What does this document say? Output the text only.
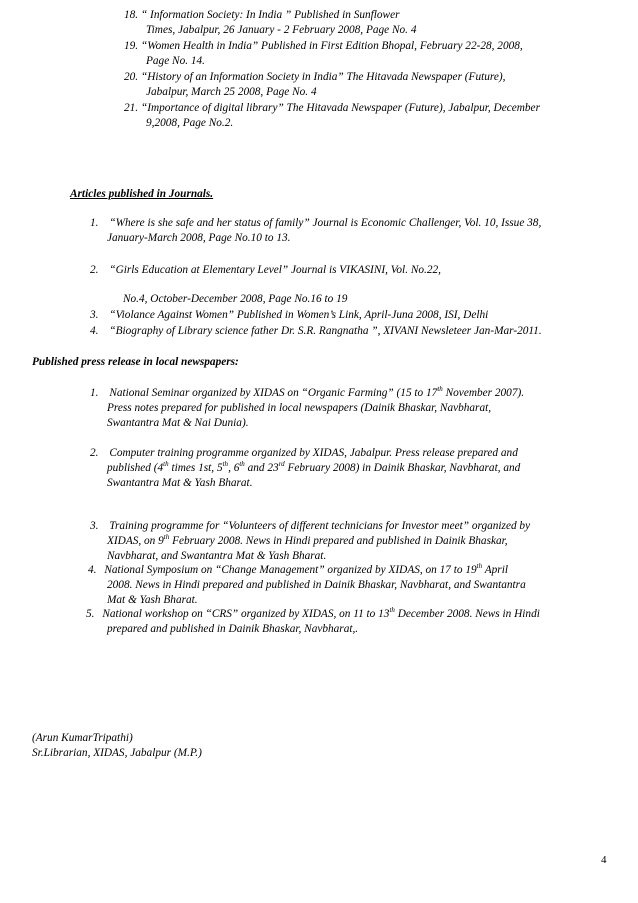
18. “ Information Society: In India ” Published in Sunflower
Times, Jabalpur, 26 January - 2 February 2008, Page No. 4
19. “Women Health in India” Published in First Edition Bhopal, February 22-28, 2008,
Page No. 14.
20. “History of an Information Society in India” The Hitavada Newspaper (Future),
Jabalpur, March 25 2008, Page No. 4
21. “Importance of digital library” The Hitavada Newspaper (Future), Jabalpur, December
9,2008, Page No.2.
Articles published in Journals.
1. “Where is she safe and her status of family” Journal is Economic Challenger, Vol. 10, Issue 38,
January-March 2008, Page No.10 to 13.
2. “Girls Education at Elementary Level” Journal is VIKASINI, Vol. No.22,
No.4, October-December 2008, Page No.16 to 19
3. “Violance Against Women” Published in Women’s Link, April-Juna 2008, ISI, Delhi
4. “Biography of Library science father Dr. S.R. Rangnatha ”, XIVANI Newsleteer Jan-Mar-2011.
Published press release in local newspapers:
1. National Seminar organized by XIDAS on “Organic Farming” (15 to 17th November 2007).
Press notes prepared for published in local newspapers (Dainik Bhaskar, Navbharat,
Swantantra Mat & Nai Dunia).
2. Computer training programme organized by XIDAS, Jabalpur. Press release prepared and
published (4th times 1st, 5th, 6th and 23rd February 2008) in Dainik Bhaskar, Navbharat, and
Swantantra Mat & Yash Bharat.
3. Training programme for “Volunteers of different technicians for Investor meet” organized by
XIDAS, on 9th February 2008. News in Hindi prepared and published in Dainik Bhaskar,
Navbharat, and Swantantra Mat & Yash Bharat.
4. National Symposium on “Change Management” organized by XIDAS, on 17 to 19th April
2008. News in Hindi prepared and published in Dainik Bhaskar, Navbharat, and Swantantra
Mat & Yash Bharat.
5. National workshop on “CRS” organized by XIDAS, on 11 to 13th December 2008. News in Hindi
prepared and published in Dainik Bhaskar, Navbharat,.
(Arun KumarTripathi)
Sr.Librarian, XIDAS, Jabalpur (M.P.)
4
